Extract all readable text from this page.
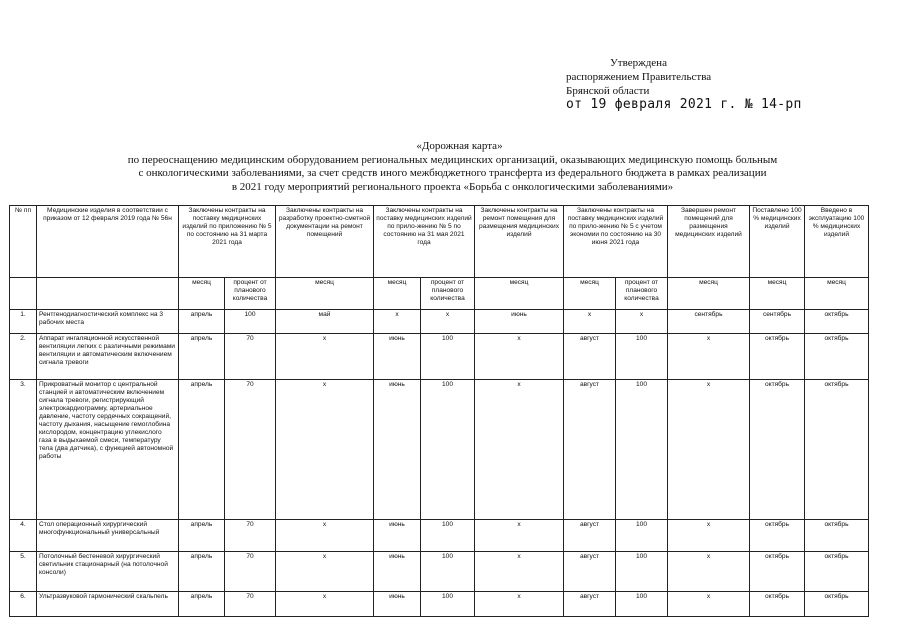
Утверждена
распоряжением Правительства
Брянской области
от 19 февраля 2021 г. № 14-рп
«Дорожная карта»
по переоснащению медицинским оборудованием региональных медицинских организаций, оказывающих медицинскую помощь больным
с онкологическими заболеваниями, за счет средств иного межбюджетного трансферта из федерального бюджета в рамках реализации
в 2021 году мероприятий регионального проекта «Борьба с онкологическими заболеваниями»
№ пп	Медицинские изделия в соответствии с приказом от 12 февраля 2019 года № 56н	Заключены контракты на поставку медицинских изделий по приложению № 5 по состоянию на 31 марта 2021 года		Заключены контракты на разработку проектно-сметной документации на ремонт помещений	Заключены контракты на поставку медицинских изделий по прило-жению № 5 по состоянию на 31 мая 2021 года		Заключены контракты на ремонт помещения для размещения медицинских изделий	Заключены контракты на поставку медицинских изделий по прило-жению № 5 с учетом экономии по состоянию на 30 июня 2021 года		Завершен ремонт помещений для размещения медицинских изделий	Поставлено 100 % медицинских изделий	Введено в эксплуатацию 100 % медицинских изделий
		месяц	процент от планового количества	месяц	месяц	процент от планового количества	месяц	месяц	процент от планового количества	месяц	месяц	месяц
1.	Рентгенодиагностический комплекс на 3 рабочих места	апрель	100	май	х	х	июнь	х	х	сентябрь	сентябрь	октябрь
2.	Аппарат ингаляционной искусственной вентиляции легких с различными режимами вентиляции и автоматическим включением сигнала тревоги	апрель	70	х	июнь	100	х	август	100	х	октябрь	октябрь
3.	Прикроватный монитор с центральной станцией и автоматическим включением сигнала тревоги, регистрирующий электрокардиограмму, артериальное давление, частоту сердечных сокращений, частоту дыхания, насыщение гемоглобина кислородом, концентрацию углекислого газа в выдыхаемой смеси, температуру тела (два датчика), с функцией автономной работы	апрель	70	х	июнь	100	х	август	100	х	октябрь	октябрь
4.	Стол операционный хирургический многофункциональный универсальный	апрель	70	х	июнь	100	х	август	100	х	октябрь	октябрь
5.	Потолочный бестеневой хирургический светильник стационарный (на потолочной консоли)	апрель	70	х	июнь	100	х	август	100	х	октябрь	октябрь
6.	Ультразвуковой гармонический скальпель	апрель	70	х	июнь	100	х	август	100	х	октябрь	октябрь
